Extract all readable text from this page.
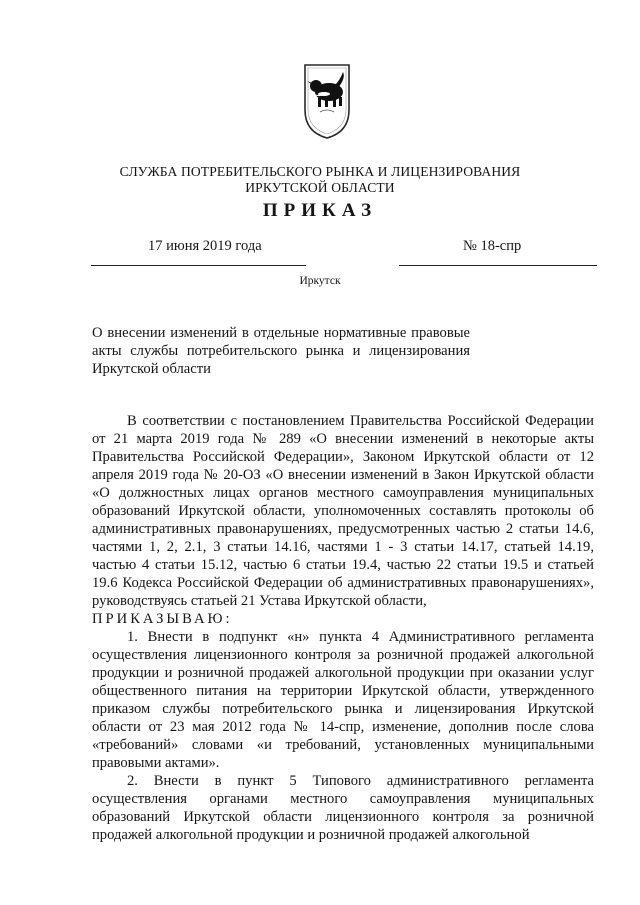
СЛУЖБА ПОТРЕБИТЕЛЬСКОГО РЫНКА И ЛИЦЕНЗИРОВАНИЯ
ИРКУТСКОЙ ОБЛАСТИ
ПРИКАЗ
17 июня 2019 года	№ 18-спр
Иркутск
О внесении изменений в отдельные нормативные правовые акты службы потребительского рынка и лицензирования Иркутской области

В соответствии с постановлением Правительства Российской Федерации от 21 марта 2019 года № 289 «О внесении изменений в некоторые акты Правительства Российской Федерации», Законом Иркутской области от 12 апреля 2019 года № 20-ОЗ «О внесении изменений в Закон Иркутской области «О должностных лицах органов местного самоуправления муниципальных образований Иркутской области, уполномоченных составлять протоколы об административных правонарушениях, предусмотренных частью 2 статьи 14.6, частями 1, 2, 2.1, 3 статьи 14.16, частями 1 - 3 статьи 14.17, статьей 14.19, частью 4 статьи 15.12, частью 6 статьи 19.4, частью 22 статьи 19.5 и статьей 19.6 Кодекса Российской Федерации об административных правонарушениях», руководствуясь статьей 21 Устава Иркутской области,

ПРИКАЗЫВАЮ:

1. Внести в подпункт «н» пункта 4 Административного регламента осуществления лицензионного контроля за розничной продажей алкогольной продукции и розничной продажей алкогольной продукции при оказании услуг общественного питания на территории Иркутской области, утвержденного приказом службы потребительского рынка и лицензирования Иркутской области от 23 мая 2012 года № 14-спр, изменение, дополнив после слова «требований» словами «и требований, установленных муниципальными правовыми актами».

2. Внести в пункт 5 Типового административного регламента осуществления органами местного самоуправления муниципальных образований Иркутской области лицензионного контроля за розничной продажей алкогольной продукции и розничной продажей алкогольной
